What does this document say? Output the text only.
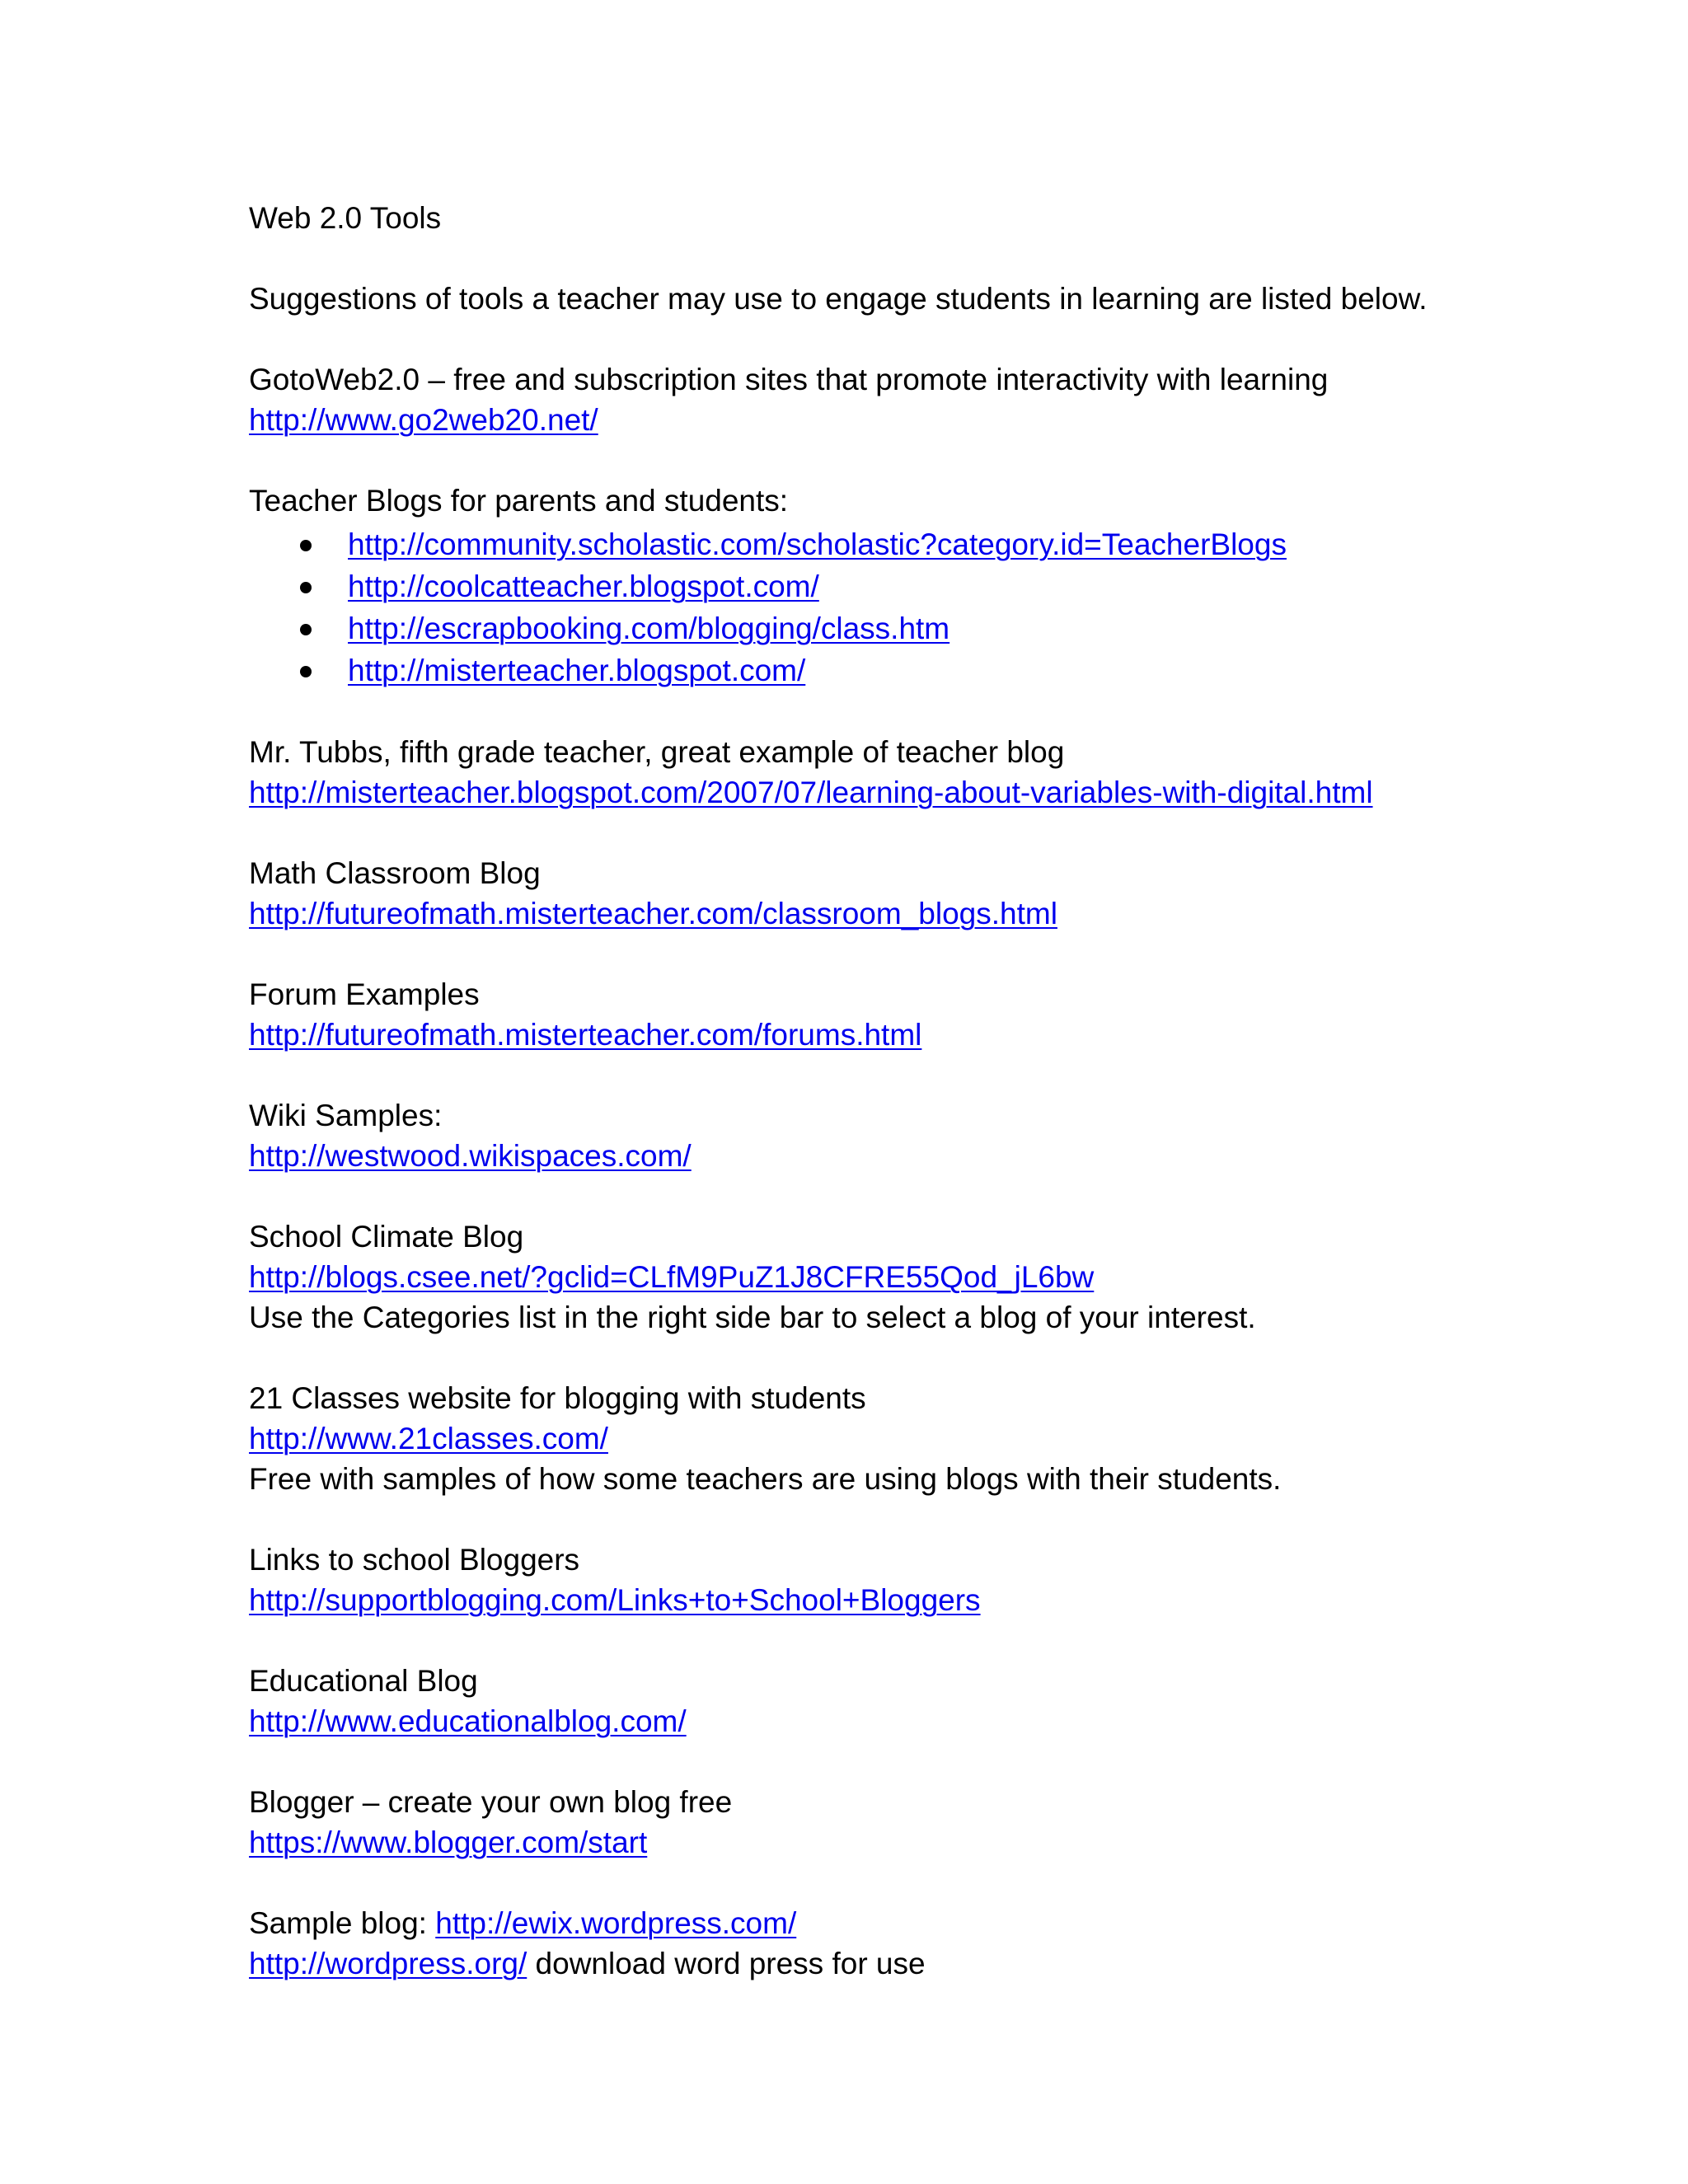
Web 2.0 Tools

Suggestions of tools a teacher may use to engage students in learning are listed below.

GotoWeb2.0 – free and subscription sites that promote interactivity with learning

http://www.go2web20.net/

Teacher Blogs for parents and students:

http://community.scholastic.com/scholastic?category.id=TeacherBlogs
http://coolcatteacher.blogspot.com/
http://escrapbooking.com/blogging/class.htm
http://misterteacher.blogspot.com/

Mr. Tubbs, fifth grade teacher, great example of teacher blog

http://misterteacher.blogspot.com/2007/07/learning-about-variables-with-digital.html

Math Classroom Blog

http://futureofmath.misterteacher.com/classroom_blogs.html

Forum Examples

http://futureofmath.misterteacher.com/forums.html

Wiki Samples:

http://westwood.wikispaces.com/

School Climate Blog

http://blogs.csee.net/?gclid=CLfM9PuZ1J8CFRE55Qod_jL6bw

Use the Categories list in the right side bar to select a blog of your interest.

21 Classes website for blogging with students

http://www.21classes.com/

Free with samples of how some teachers are using blogs with their students.

Links to school Bloggers

http://supportblogging.com/Links+to+School+Bloggers

Educational Blog

http://www.educationalblog.com/

Blogger – create your own blog free

https://www.blogger.com/start

Sample blog: http://ewix.wordpress.com/

http://wordpress.org/ download word press for use
